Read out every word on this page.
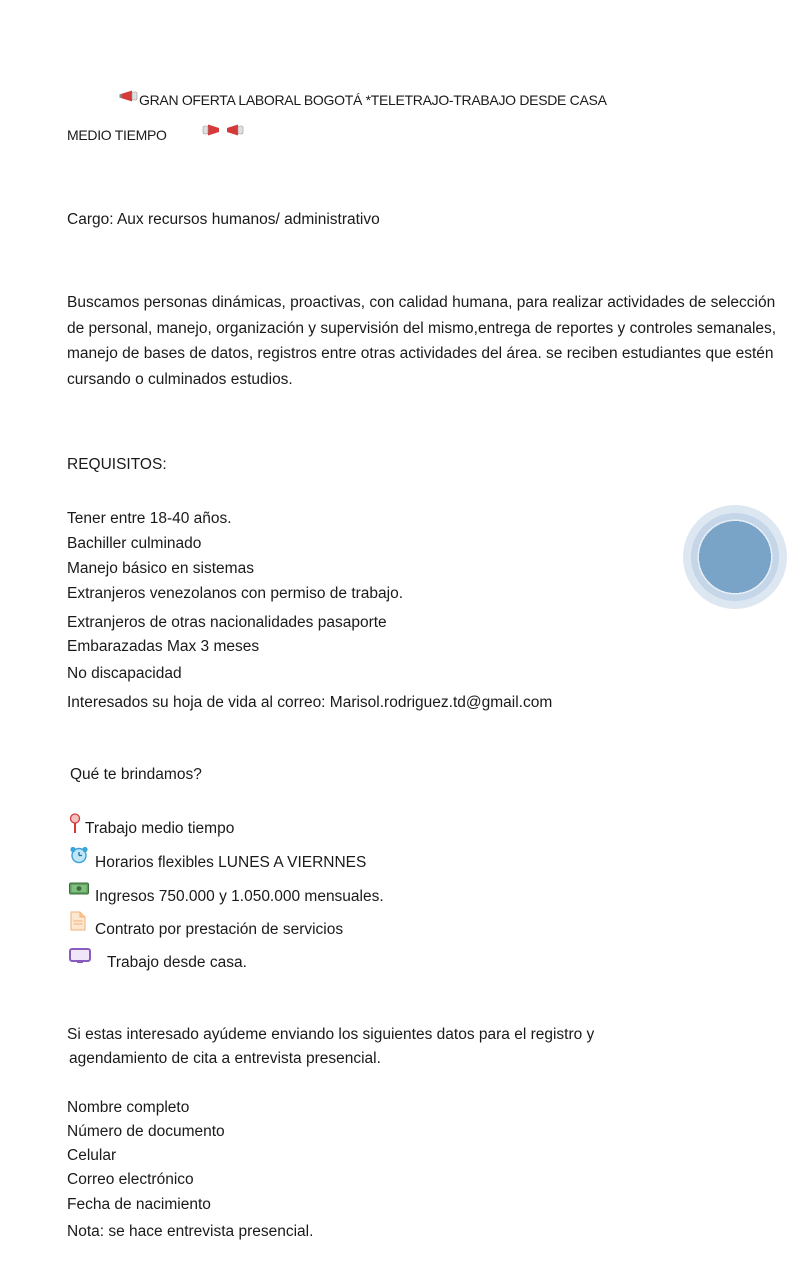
GRAN OFERTA LABORAL BOGOTÁ *TELETRAJO-TRABAJO DESDE CASA
MEDIO TIEMPO
Cargo: Aux recursos humanos/ administrativo
Buscamos personas dinámicas, proactivas, con calidad humana, para realizar actividades de selección de personal, manejo, organización y supervisión del mismo,entrega de reportes y controles semanales, manejo de bases de datos, registros entre otras actividades del área. se reciben estudiantes que estén cursando o culminados estudios.
REQUISITOS:
Tener entre 18-40 años.
Bachiller culminado
Manejo básico en sistemas
Extranjeros venezolanos con permiso de trabajo.
Extranjeros de otras nacionalidades pasaporte
Embarazadas Max 3 meses
No discapacidad
Interesados su hoja de vida al correo: Marisol.rodriguez.td@gmail.com
Qué te brindamos?
Trabajo medio tiempo
Horarios flexibles LUNES A VIERNNES
Ingresos 750.000 y 1.050.000 mensuales.
Contrato por prestación de servicios
Trabajo desde casa.
Si estas interesado ayúdeme enviando los siguientes datos para el registro y
agendamiento de cita a entrevista presencial.
Nombre completo
Número de documento
Celular
Correo electrónico
Fecha de nacimiento
Nota: se hace entrevista presencial.
